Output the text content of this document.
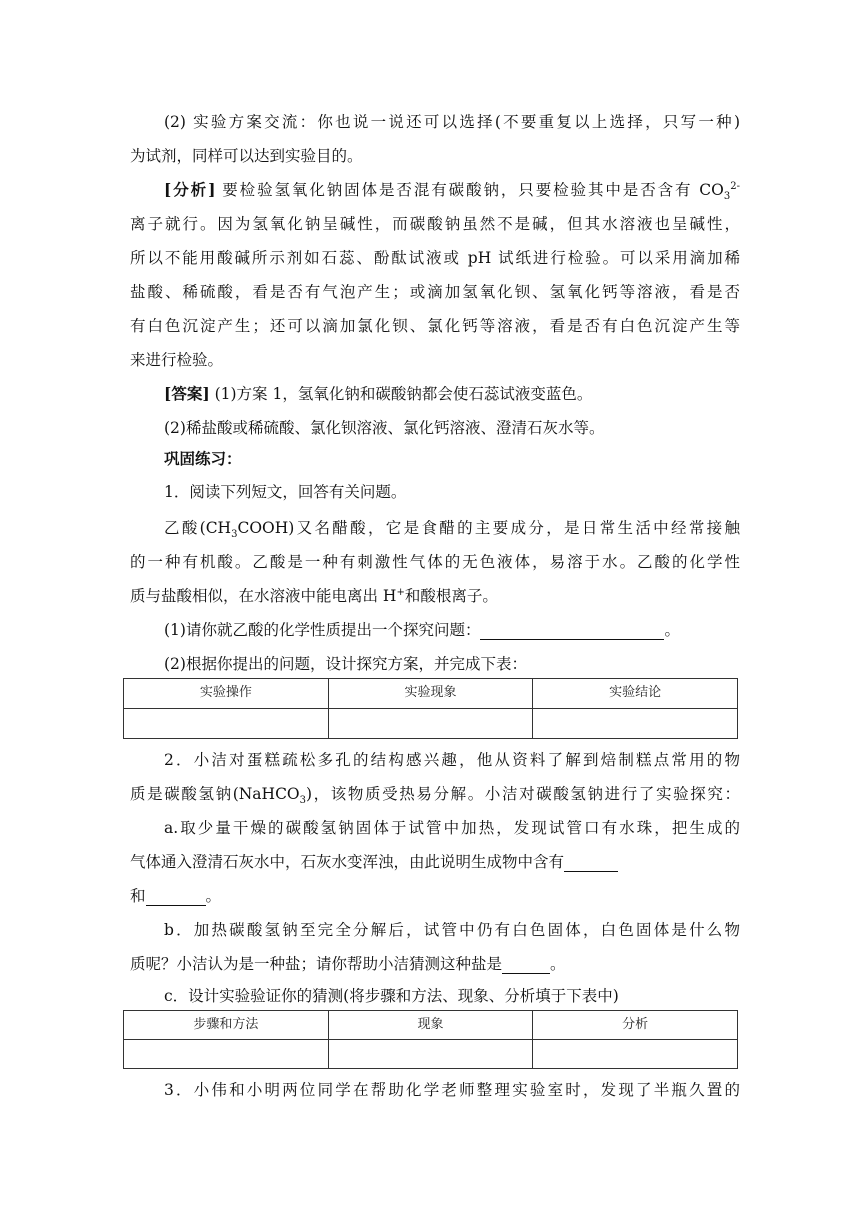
(2) 实验方案交流：你也说一说还可以选择(不要重复以上选择，只写一种)
为试剂，同样可以达到实验目的。
[分析] 要检验氢氧化钠固体是否混有碳酸钠，只要检验其中是否含有 $CO_3^{2-}$
离子就行。因为氢氧化钠呈碱性，而碳酸钠虽然不是碱，但其水溶液也呈碱性，
所以不能用酸碱所示剂如石蕊、酚酞试液或 pH 试纸进行检验。可以采用滴加稀
盐酸、稀硫酸，看是否有气泡产生；或滴加氢氧化钡、氢氧化钙等溶液，看是否
有白色沉淀产生；还可以滴加氯化钡、氯化钙等溶液，看是否有白色沉淀产生等
来进行检验。
[答案] (1)方案 1，氢氧化钠和碳酸钠都会使石蕊试液变蓝色。
(2)稀盐酸或稀硫酸、氯化钡溶液、氯化钙溶液、澄清石灰水等。
巩固练习：
1．阅读下列短文，回答有关问题。
乙酸$(CH_3COOH)$又名醋酸，它是食醋的主要成分，是日常生活中经常接触
的一种有机酸。乙酸是一种有刺激性气体的无色液体，易溶于水。乙酸的化学性
质与盐酸相似，在水溶液中能电离出 H+和酸根离子。
(1)请你就乙酸的化学性质提出一个探究问题：	。
(2)根据你提出的问题，设计探究方案，并完成下表：
实验操作	实验现象	实验结论

2．小洁对蛋糕疏松多孔的结构感兴趣，他从资料了解到焙制糕点常用的物
质是碳酸氢钠(NaHCO$_3$)，该物质受热易分解。小洁对碳酸氢钠进行了实验探究：
a.取少量干燥的碳酸氢钠固体于试管中加热，发现试管口有水珠，把生成的
气体通入澄清石灰水中，石灰水变浑浊，由此说明生成物中含有
和	。
b．加热碳酸氢钠至完全分解后，试管中仍有白色固体，白色固体是什么物
质呢？小洁认为是一种盐；请你帮助小洁猜测这种盐是	。
c．设计实验验证你的猜测(将步骤和方法、现象、分析填于下表中)
步骤和方法	现象	分析

3．小伟和小明两位同学在帮助化学老师整理实验室时，发现了半瓶久置的
